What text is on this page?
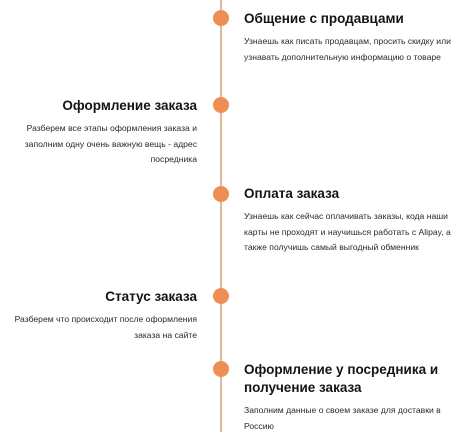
Общение с продавцами
Узнаешь как писать продавцам, просить скидку или узнавать дополнительную информацию о товаре
Оформление заказа
Разберем все этапы оформления заказа и заполним одну очень важную вещь - адрес посредника
Оплата заказа
Узнаешь как сейчас оплачивать заказы, кода наши карты не проходят и научишься работать с Alipay, а также получишь самый выгодный обменник
Статус заказа
Разберем что происходит после оформления заказа на сайте
Оформление у посредника и получение заказа
Заполним данные о своем заказе для доставки в Россию
